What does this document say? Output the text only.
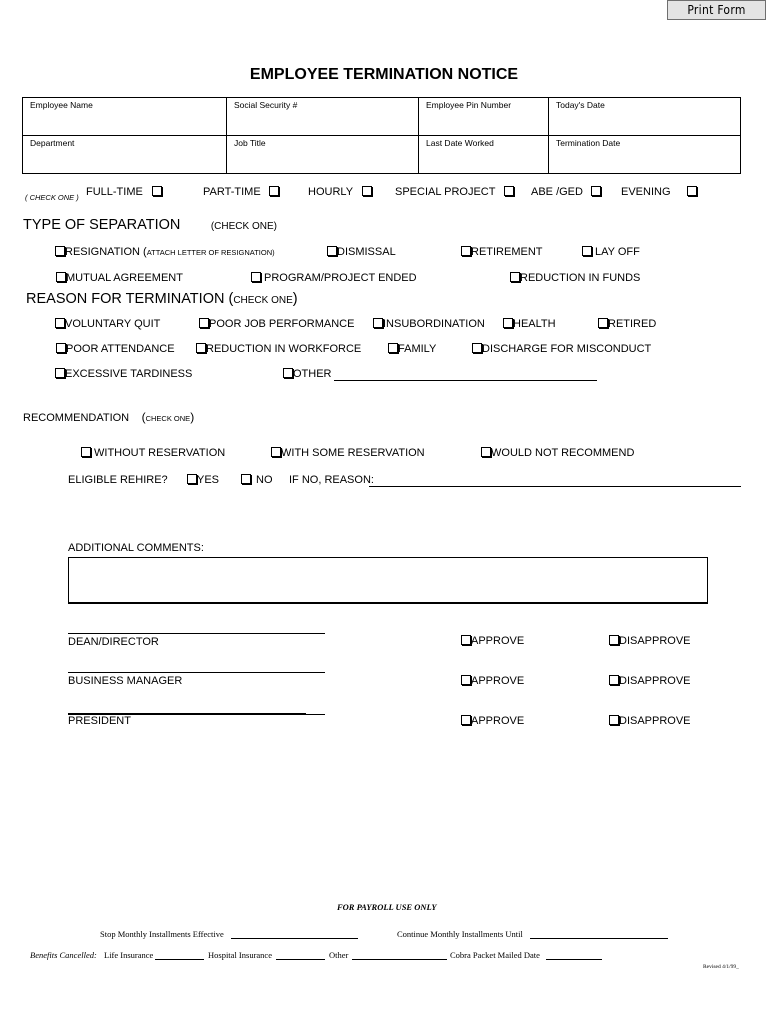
Print Form
EMPLOYEE TERMINATION NOTICE
Employee Name	Social Security #	Employee Pin Number	Today's Date
Department	Job Title	Last Date Worked	Termination Date
( CHECK ONE ) FULL-TIME	PART-TIME	HOURLY	SPECIAL PROJECT	ABE /GED	EVENING
TYPE OF SEPARATION	(CHECK ONE)
RESIGNATION (ATTACH LETTER OF RESIGNATION)	DISMISSAL	RETIREMENT	LAY OFF
MUTUAL AGREEMENT	PROGRAM/PROJECT ENDED	REDUCTION IN FUNDS
REASON FOR TERMINATION (CHECK ONE)
VOLUNTARY QUIT	POOR JOB PERFORMANCE	INSUBORDINATION	HEALTH	RETIRED
POOR ATTENDANCE	REDUCTION IN WORKFORCE	FAMILY	DISCHARGE FOR MISCONDUCT
EXCESSIVE TARDINESS	OTHER
RECOMMENDATION (CHECK ONE)
WITHOUT RESERVATION	WITH SOME RESERVATION	WOULD NOT RECOMMEND
ELIGIBLE REHIRE?	YES	NO IF NO, REASON:
ADDITIONAL COMMENTS:
DEAN/DIRECTOR	APPROVE	DISAPPROVE
BUSINESS MANAGER	APPROVE	DISAPPROVE
PRESIDENT	APPROVE	DISAPPROVE
FOR PAYROLL USE ONLY
Stop Monthly Installments Effective	Continue Monthly Installments Until
Benefits Cancelled: Life Insurance	Hospital Insurance	Other	Cobra Packet Mailed Date
Revised 4/1/99_
